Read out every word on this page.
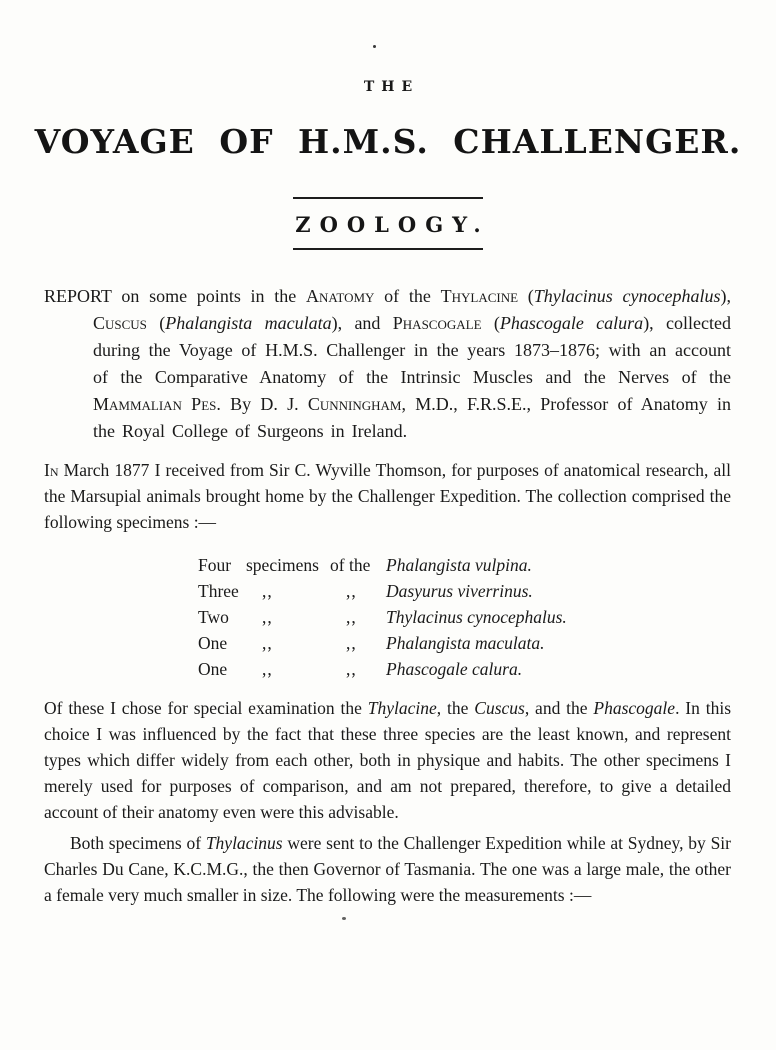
THE
VOYAGE OF H.M.S. CHALLENGER.
ZOOLOGY.

REPORT on some points in the Anatomy of the Thylacine (Thylacinus cynocephalus), Cuscus (Phalangista maculata), and Phascogale (Phascogale calura), collected during the Voyage of H.M.S. Challenger in the years 1873–1876; with an account of the Comparative Anatomy of the Intrinsic Muscles and the Nerves of the Mammalian Pes. By D. J. Cunningham, M.D., F.R.S.E., Professor of Anatomy in the Royal College of Surgeons in Ireland.

In March 1877 I received from Sir C. Wyville Thomson, for purposes of anatomical research, all the Marsupial animals brought home by the Challenger Expedition. The collection comprised the following specimens :—

Four	specimens	of the	Phalangista vulpina.
Three	,,	,,	Dasyurus viverrinus.
Two	,,	,,	Thylacinus cynocephalus.
One	,,	,,	Phalangista maculata.
One	,,	,,	Phascogale calura.

Of these I chose for special examination the Thylacine, the Cuscus, and the Phascogale. In this choice I was influenced by the fact that these three species are the least known, and represent types which differ widely from each other, both in physique and habits. The other specimens I merely used for purposes of comparison, and am not prepared, therefore, to give a detailed account of their anatomy even were this advisable.

Both specimens of Thylacinus were sent to the Challenger Expedition while at Sydney, by Sir Charles Du Cane, K.C.M.G., the then Governor of Tasmania. The one was a large male, the other a female very much smaller in size. The following were the measurements :—
